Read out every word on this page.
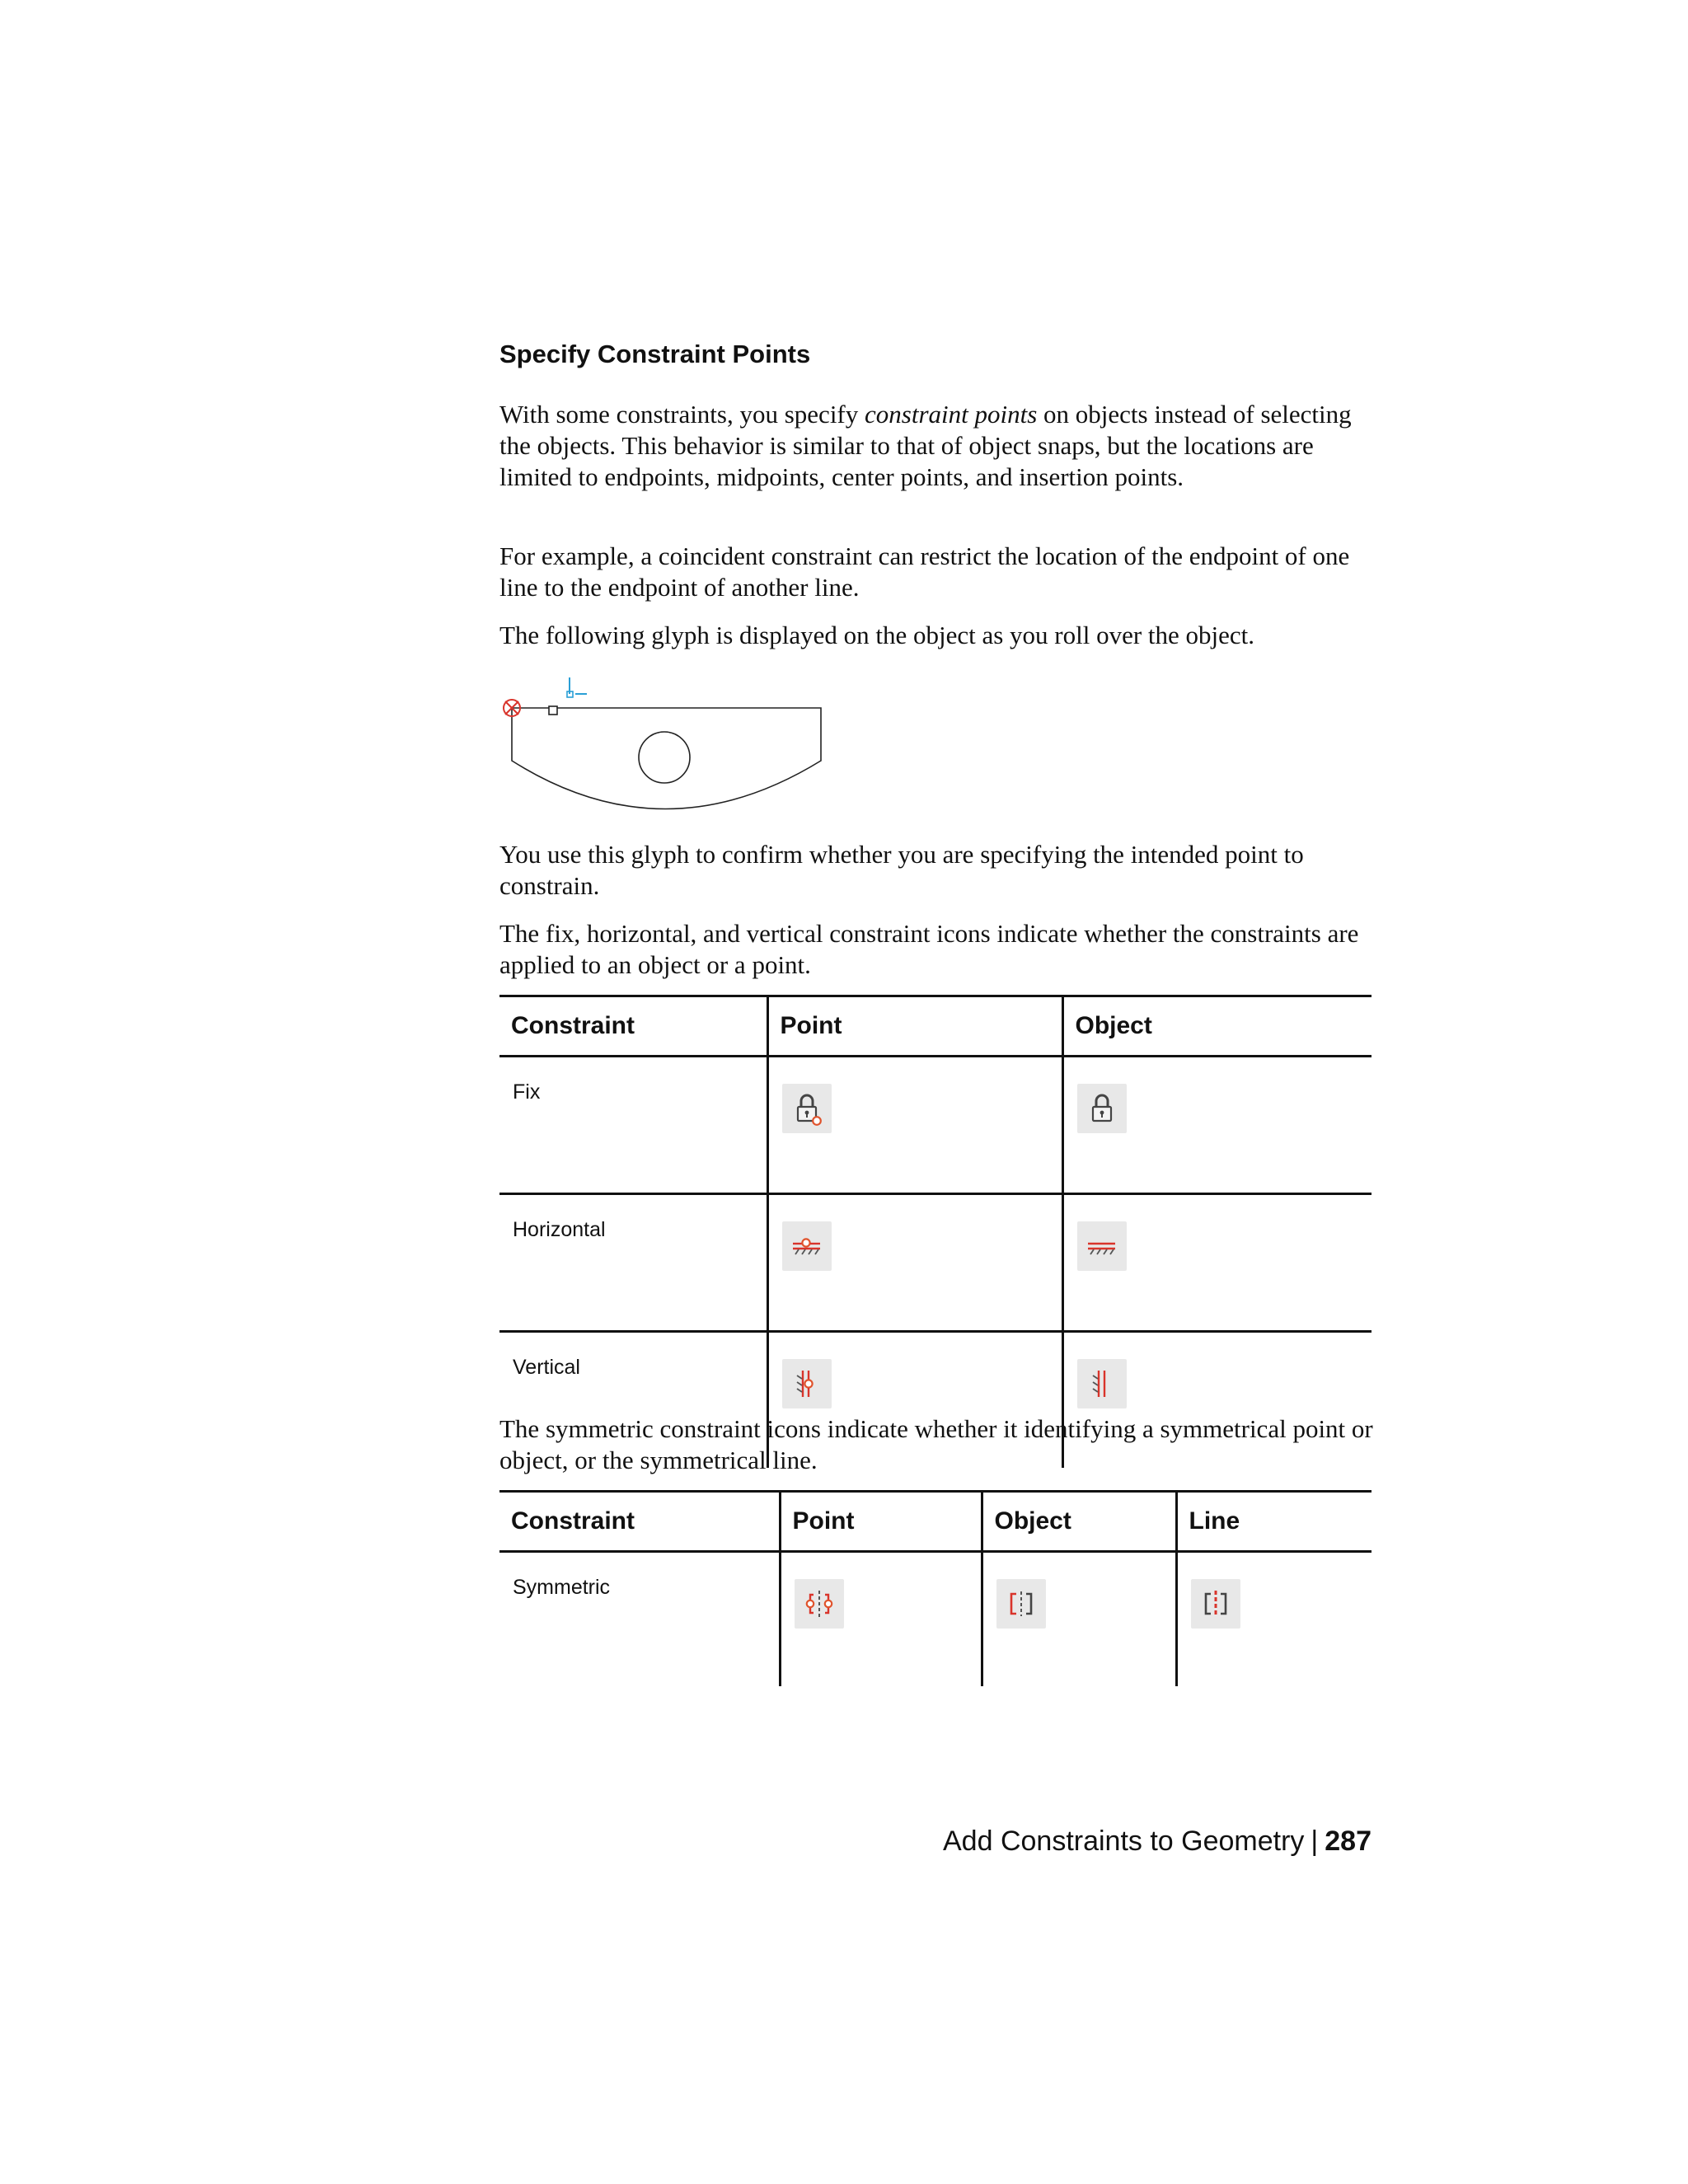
Specify Constraint Points

With some constraints, you specify constraint points on objects instead of selecting the objects. This behavior is similar to that of object snaps, but the locations are limited to endpoints, midpoints, center points, and insertion points.

For example, a coincident constraint can restrict the location of the endpoint of one line to the endpoint of another line.

The following glyph is displayed on the object as you roll over the object.

You use this glyph to confirm whether you are specifying the intended point to constrain.

The fix, horizontal, and vertical constraint icons indicate whether the constraints are applied to an object or a point.

Constraint	Point	Object
Fix	

Horizontal	

Vertical	

The symmetric constraint icons indicate whether it identifying a symmetrical point or object, or the symmetrical line.

Constraint	Point	Object	Line
Symmetric	

Add Constraints to Geometry | 287
